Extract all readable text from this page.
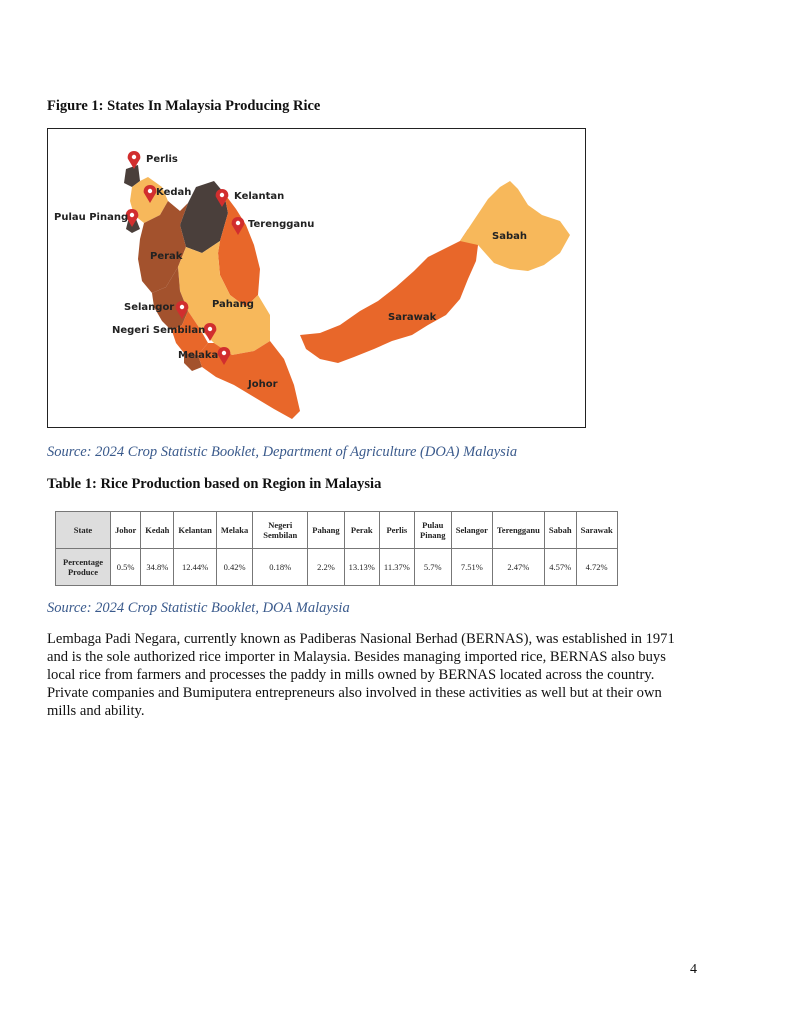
Figure 1: States In Malaysia Producing Rice
Perlis
Kedah	Kelantan
Pulau Pinang
Terengganu
Sabah
Perak
Selangor	Pahang
Sarawak
Negeri Sembilan
Melaka
Johor
Source: 2024 Crop Statistic Booklet, Department of Agriculture (DOA) Malaysia
Table 1: Rice Production based on Region in Malaysia
State	Johor	Kedah	Kelantan	Melaka	Negeri Sembilan	Pahang	Perak	Perlis	Pulau Pinang	Selangor	Terengganu	Sabah	Sarawak
Percentage Produce	0.5%	34.8%	12.44%	0.42%	0.18%	2.2%	13.13%	11.37%	5.7%	7.51%	2.47%	4.57%	4.72%
Source: 2024 Crop Statistic Booklet, DOA Malaysia
Lembaga Padi Negara, currently known as Padiberas Nasional Berhad (BERNAS), was established in 1971 and is the sole authorized rice importer in Malaysia. Besides managing imported rice, BERNAS also buys local rice from farmers and processes the paddy in mills owned by BERNAS located across the country. Private companies and Bumiputera entrepreneurs also involved in these activities as well but at their own mills and ability.
4
